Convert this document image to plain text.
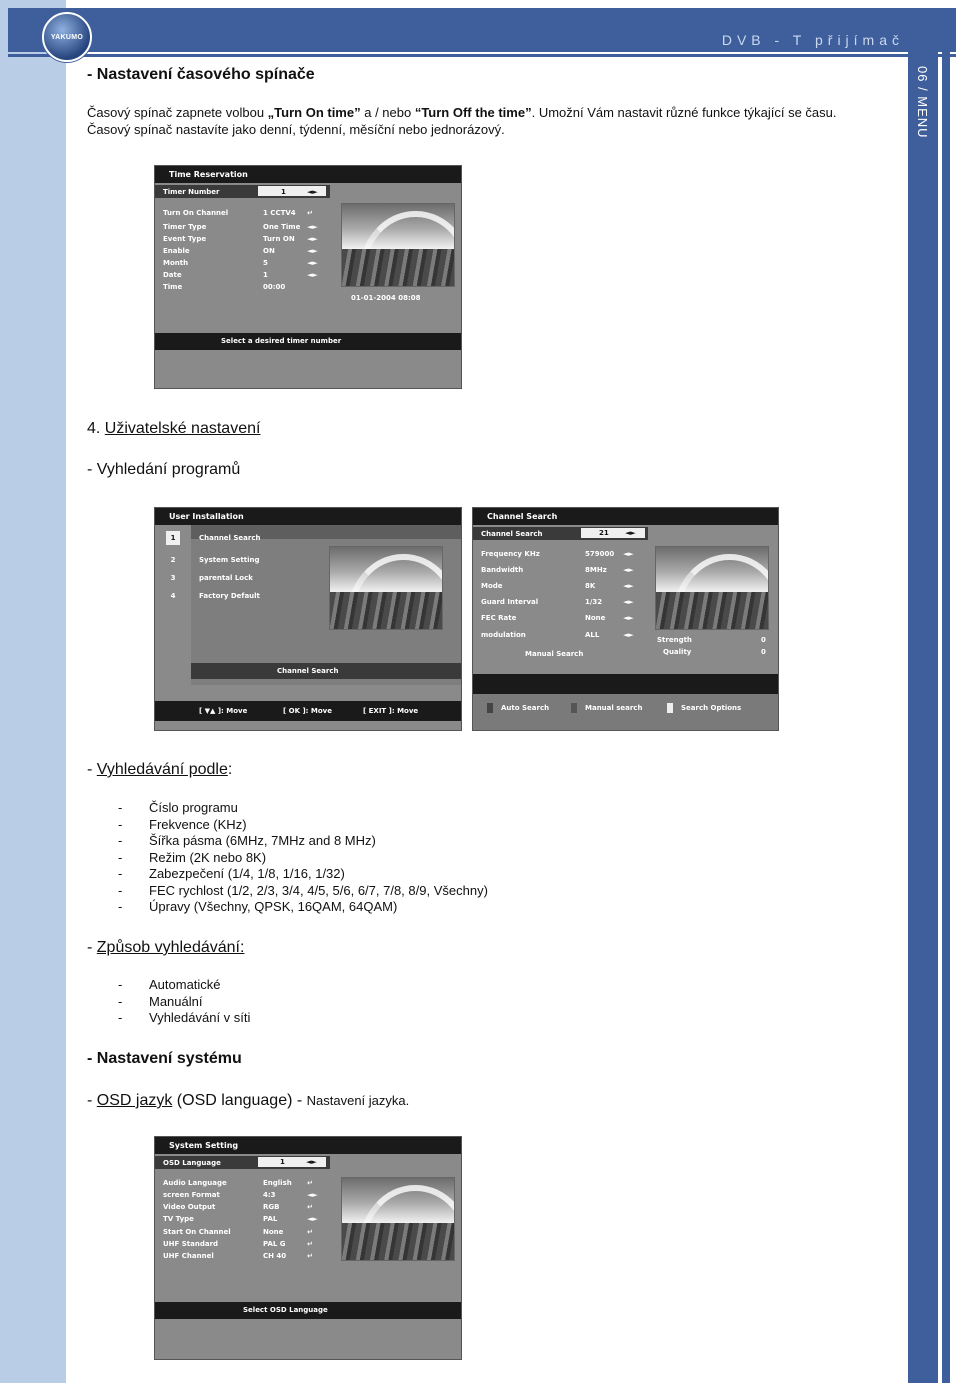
YAKUMO	DVB - T přijímač
06 / MENU
- Nastavení časového spínače
Časový spínač zapnete volbou „Turn On time” a / nebo “Turn Off the time”. Umožní Vám nastavit různé funkce týkající se času.
Časový spínač nastavíte jako denní, týdenní, měsíční nebo jednorázový.
Time Reservation
Timer Number	1	◄►
Turn On Channel	1 CCTV4 ↵
Timer Type	One Time ◄►
Event Type	Turn ON ◄►
Enable	ON	◄►
Month	5	◄►
Date	1	◄►
Time	00:00
01-01-2004 08:08
Select a desired timer number
4. Uživatelské nastavení
- Vyhledání programů
User Installation
1	Channel Search
2	System Setting
3	parental Lock
4	Factory Default
Channel Search
[ ▼▲ ]: Move	[ OK ]: Move	[ EXIT ]: Move
Channel Search
Channel Search	21 ◄►
Frequency KHz	579000 ◄►
Bandwidth	8MHz ◄►
Mode	8K	◄►
Guard Interval	1/32	◄►
FEC Rate	None	◄►
modulation	ALL	◄►
Manual Search
Strength	0
Quality	0
Auto Search	Manual search	Search Options
- Vyhledávání podle:
- Číslo programu
- Frekvence (KHz)
- Šířka pásma (6MHz, 7MHz and 8 MHz)
- Režim (2K nebo 8K)
- Zabezpečení (1/4, 1/8, 1/16, 1/32)
- FEC rychlost (1/2, 2/3, 3/4, 4/5, 5/6, 6/7, 7/8, 8/9, Všechny)
- Úpravy (Všechny, QPSK, 16QAM, 64QAM)
- Způsob vyhledávání:
- Automatické
- Manuální
- Vyhledávání v síti
- Nastavení systému
- OSD jazyk (OSD language) - Nastavení jazyka.
System Setting
OSD Language	1	◄►
Audio Language	English ↵
screen Format	4:3	◄►
Video Output	RGB	↵
TV Type	PAL	◄►
Start On Channel	None	↵
UHF Standard	PAL G	↵
UHF Channel	CH 40	↵
Select OSD Language
